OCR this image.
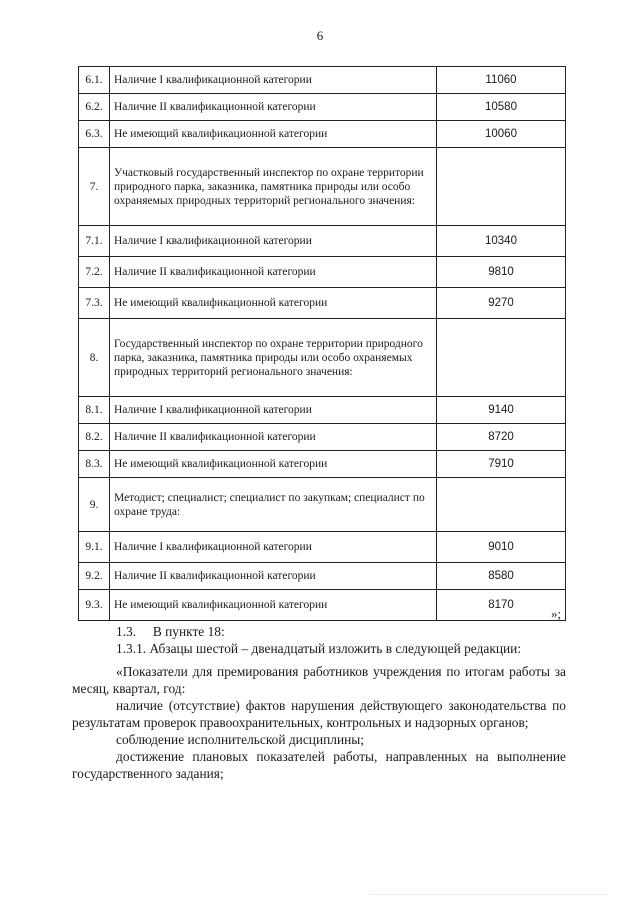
6
6.1.	Наличие I квалификационной категории	11060
6.2.	Наличие II квалификационной категории	10580
6.3.	Не имеющий квалификационной категории	10060
7.	Участковый государственный инспектор по охране территории природного парка, заказника, памятника природы или особо охраняемых природных территорий регионального значения:	
7.1.	Наличие I квалификационной категории	10340
7.2.	Наличие II квалификационной категории	9810
7.3.	Не имеющий квалификационной категории	9270
8.	Государственный инспектор по охране территории природного парка, заказника, памятника природы или особо охраняемых природных территорий регионального значения:	
8.1.	Наличие I квалификационной категории	9140
8.2.	Наличие II квалификационной категории	8720
8.3.	Не имеющий квалификационной категории	7910
9.	Методист; специалист; специалист по закупкам; специалист по охране труда:	
9.1.	Наличие I квалификационной категории	9010
9.2.	Наличие II квалификационной категории	8580
9.3.	Не имеющий квалификационной категории	8170
»;

1.3.     В пункте 18:

1.3.1. Абзацы шестой – двенадцатый изложить в следующей редакции:

«Показатели для премирования работников учреждения по итогам работы за месяц, квартал, год:

наличие (отсутствие) фактов нарушения действующего законодательства по результатам проверок правоохранительных, контрольных и надзорных органов;

соблюдение исполнительской дисциплины;

достижение плановых показателей работы, направленных на выполнение государственного задания;
